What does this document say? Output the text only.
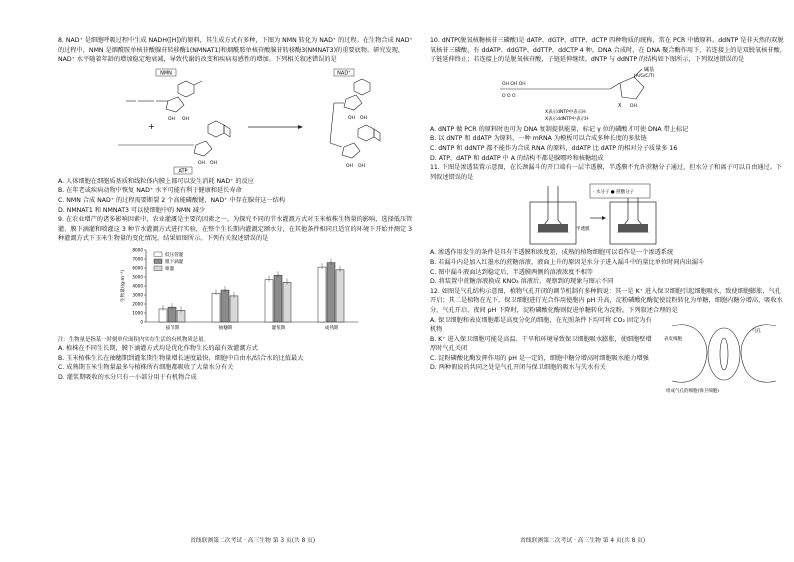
8. NAD⁺ 是细胞呼吸过程中生成 NADH([H])的原料，其生成方式有多种，下图为 NMN 转化为 NAD⁺ 的过程。在生物合成 NAD⁺ 的过程中，NMN 是烟酰胺单核苷酸腺苷转移酶1(NMNAT1)和烟酰胺单核苷酸腺苷转移酶3(NMNAT3)的重要底物。研究发现，NAD⁺ 水平随着年龄的增加稳定地衰减，导致代谢的改变和疾病易感性的增加。下列相关叙述错误的是

NMN
OH OH
+
OH OH
ATP
NAD⁺
OH OH
OH OH

A. 人体细胞在细胞质基质和线粒体内膜上都可以发生消耗 NAD⁺ 的反应

B. 在年老或疾病动物中恢复 NAD⁺ 水平可能有利于健康和延长寿命

C. NMN 合成 NAD⁺ 的过程需要断裂 2 个高能磷酸键，NAD⁺ 中存在腺苷这一结构

D. NMNAT1 和 NMNAT3 可以使细胞中的 NMN 减少

9. 在农业增产的诸多影响因素中，农业灌溉是主要的因素之一。为探究不同的节水灌溉方式对玉米植株生物量的影响，选择低压管灌、膜下滴灌和喷灌这 3 种节水灌溉方式进行实验，在整个生长期内灌溉定额水分，在其他条件相同且适宜的环境下开始并测定 3 种灌溉方式下玉米生物量的变化情况，结果如图所示。下列有关叙述错误的是

0
1000
2000
3000
4000
5000
6000
7000
8000
生物量/(g·m⁻²)
拔节期	抽穗期	灌浆期	成熟期
低压管灌
膜下滴灌
喷灌

注：生物量是指某一时刻单位面积内实存生活的有机物质总量。

A. 植株在不同生长期，膜下滴灌方式均是优化作物生长的最有效灌溉方式

B. 玉米植株生长在抽穗期到灌浆期生物量增长速度最快，细胞中自由水/结合水的比值最大

C. 成熟期玉米生物量最多与植株所有细胞都吸收了大量水分有关

D. 灌浆期吸收的水分只有一小部分用于有机物合成

省线联测第二次考试 · 高三生物 第 3 页(共 8 页)

10. dNTP(脱氧核糖核苷三磷酸)是 dATP、dGTP、dTTP、dCTP 四种物质的统称，常在 PCR 中做原料。ddNTP 是非天然的双脱氧核苷三磷酸，有 ddATP、ddGTP、ddTTP、ddCTP 4 种。DNA 合成时，在 DNA 聚合酶作用下，若连接上的是双脱氧核苷酸，子链延伸终止；若连接上的是脱氧核苷酸，子链延伸继续。dNTP 与 ddNTP 的结构如下图所示，下列叙述错误的是

OH OH OH
O O O
碱基
(A/G/C/T)
X OH
X表示dNTP中表示H
X表示ddNTP中表示H

A. dNTP 做 PCR 的原料时也可为 DNA 复制提供能量，标记 γ 位的磷酸才可使 DNA 带上标记

B. 以 dNTP 和 ddATP 为原料，一种 mRNA 为模板可以合成多种长度的多肽链

C. dNTP 和 ddNTP 都不能作为合成 RNA 的原料，ddATP 比 dATP 的相对分子质量多 16

D. ATP、dATP 和 ddATP 中 A 的结构不都是腺嘌呤和核糖组成

11. 下图是渗透装置示意图，在长颈漏斗的开口端有一层半透膜，半透膜不允许蔗糖分子通过，但水分子和离子可以自由通过。下列叙述错误的是

· 水分子 ● 蔗糖分子
半透膜

A. 渗透作用发生的条件是具有半透膜和浓度差，成熟的植物细胞可以看作是一个渗透系统

B. 若漏斗内是加入红墨水的蔗糖溶液，液面上升的原因是水分子进入漏斗中的量比单位时间内出漏斗

C. 图中漏斗液面达到稳定后，半透膜两侧的溶液浓度不相等

D. 将装置中蔗糖溶液换成 KNO₃ 溶液后，观察到的现象与图示不同

12. 如图是气孔结构示意图，植物气孔开闭的调节机制有多种假说：其一是 K⁺ 进入保卫细胞引起细胞吸水，致使细胞膨胀，气孔开启；其二是植物在光下，保卫细胞进行光合作用使胞内 pH 升高，淀粉磷酸化酶促使淀粉转化为单糖，细胞内糖分增高，吸收水分，气孔开启，夜间 pH 下降时，淀粉磷酸化酶则促进单糖转化为淀粉。下列叙述合理的是

A. 保卫细胞和表皮细胞都是高度分化的细胞，在光照条件下均可将 CO₂ 固定为有机物

B. K⁺ 进入保卫细胞可能是高温、干旱和环境导致保卫细胞吸水膨胀，使细胞壁增厚时气孔关闭

C. 淀粉磷酸化酶发挥作用的 pH 是一定的，细胞中糖分增高时细胞吸水能力增强

D. 两种假说的共同之处是气孔开闭与保卫细胞的吸水与失水有关

表皮细胞
气孔
组成气孔的细胞(保卫细胞)
省线联测第二次考试 · 高三生物 第 4 页(共 8 页)
